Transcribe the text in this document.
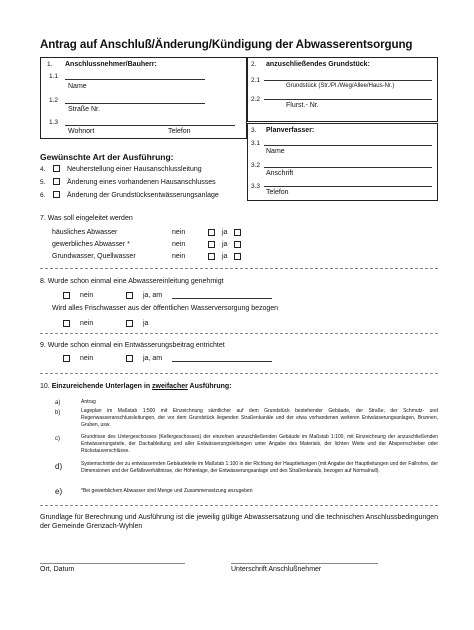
Antrag auf Anschluß/Änderung/Kündigung der Abwasserentsorgung
1. Anschlussnehmer/Bauherr:
1.1
Name
1.2
Straße Nr.
1.3
Wohnort	Telefon
2. anzuschließendes Grundstück:
2.1
Grundstück (Str./Pl./Weg/Allee/Haus-Nr.)
2.2
Flurst.- Nr.
3. Planverfasser:
3.1
Name
3.2
Anschrift
3.3
Telefon
Gewünschte Art der Ausführung:
4.	Neuherstellung einer Hausanschlussleitung
5.	Änderung eines vorhandenen Hausanschlusses
6.	Änderung der Grundstücksentwässerungsanlage
7. Was soll eingeleitet werden
häusliches Abwasser	nein	ja
gewerbliches Abwasser *	nein	ja
Grundwasser, Quellwasser	nein	ja
8. Wurde schon einmal eine Abwassereinleitung genehmigt
nein	ja, am
Wird alles Frischwasser aus der öffentlichen Wasserversorgung bezogen
nein	ja
9. Wurde schon einmal ein Entwässerungsbeitrag entrichtet
nein	ja, am
10. Einzureichende Unterlagen in zweifacher Ausführung:
a)	Antrag
b)	Lageplan im Maßstab 1:500 mit Einzeichnung sämtlicher auf dem Grundstück bestehender Gebäude, der Straße, der Schmutz- und Regenwasseranschlussleitungen, der vor dem Grundstück liegenden Straßenkanäle und der etwa vorhandenen weiteren Entwässerungsanlagen, Brunnen, Gruben, usw.
c)	Grundrisse des Untergeschosses (Kellergeschosses) der einzelnen anzuschließenden Gebäude im Maßstab 1:100, mit Einzeichnung der anzuschließenden Entwässerungsteile, der Dachableitung und aller Entwässerungsleitungen unter Angabe des Materials, der lichten Weite und der Absperrschieber oder Rückstauverschlüsse.
d)	Systemschnitte der zu entwässernden Gebäudeteile im Maßstab 1:100 in der Richtung der Hauptleitungen (mit Angabe der Hauptleitungen und der Fallrohre, der Dimensionen und der Gefällsverhältnisse, der Höhenlage, der Entwässerungsanlage und des Straßenkanals, bezogen auf Normalnull).
e)	*Bei gewerblichem Abwasser sind Menge und Zusammensetzung anzugeben
Grundlage für Berechnung und Ausführung ist die jeweilig gültige Abwassersatzung und die technischen Anschlussbedingungen der Gemeinde Grenzach-Wyhlen
Ort, Datum	Unterschrift Anschlußnehmer
